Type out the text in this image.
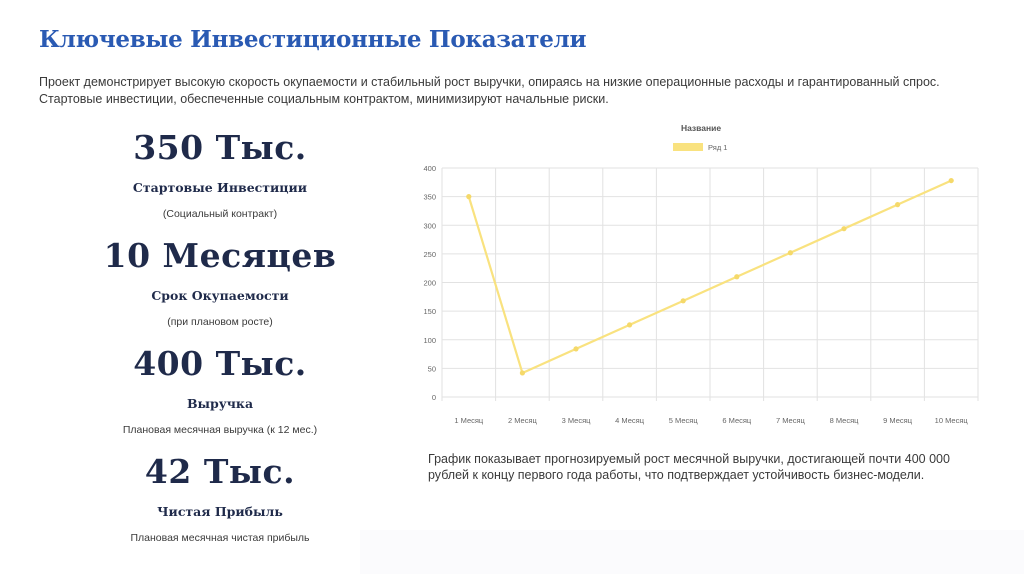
Ключевые Инвестиционные Показатели
Проект демонстрирует высокую скорость окупаемости и стабильный рост выручки, опираясь на низкие операционные расходы и гарантированный спрос. Стартовые инвестиции, обеспеченные социальным контрактом, минимизируют начальные риски.
350 Тыс.
Стартовые Инвестиции
(Социальный контракт)
10 Месяцев
Срок Окупаемости
(при плановом росте)
400 Тыс.
Выручка
Плановая месячная выручка (к 12 мес.)
42 Тыс.
Чистая Прибыль
Плановая месячная чистая прибыль
0
50
100
150
200
250
300
350
400
1 Месяц	2 Месяц	3 Месяц	4 Месяц	5 Месяц	6 Месяц	7 Месяц	8 Месяц	9 Месяц	10 Месяц
Название
Ряд 1
График показывает прогнозируемый рост месячной выручки, достигающей почти 400 000 рублей к концу первого года работы, что подтверждает устойчивость бизнес-модели.
